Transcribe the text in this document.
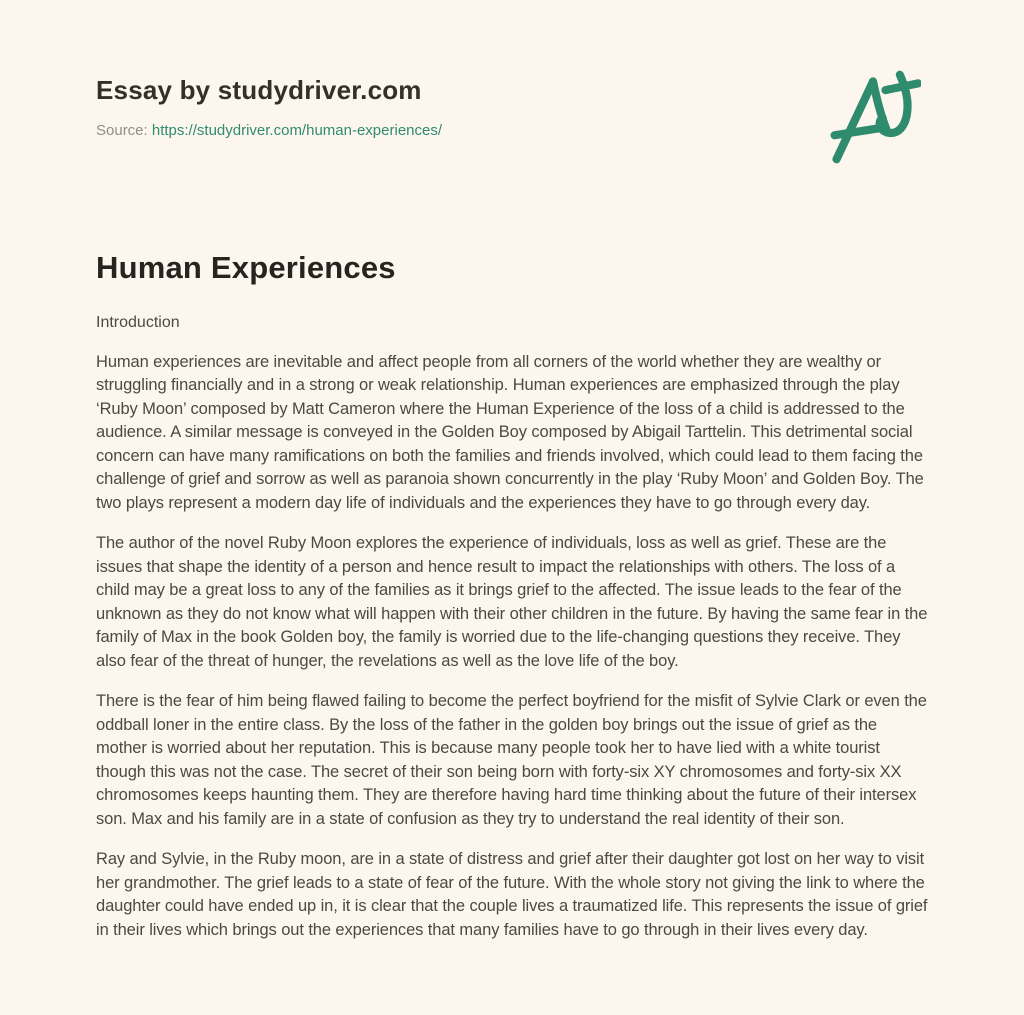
Essay by studydriver.com
Source: https://studydriver.com/human-experiences/
Human Experiences
Introduction

Human experiences are inevitable and affect people from all corners of the world whether they are wealthy or struggling financially and in a strong or weak relationship. Human experiences are emphasized through the play ‘Ruby Moon’ composed by Matt Cameron where the Human Experience of the loss of a child is addressed to the audience. A similar message is conveyed in the Golden Boy composed by Abigail Tarttelin. This detrimental social concern can have many ramifications on both the families and friends involved, which could lead to them facing the challenge of grief and sorrow as well as paranoia shown concurrently in the play ‘Ruby Moon’ and Golden Boy. The two plays represent a modern day life of individuals and the experiences they have to go through every day.

The author of the novel Ruby Moon explores the experience of individuals, loss as well as grief. These are the issues that shape the identity of a person and hence result to impact the relationships with others. The loss of a child may be a great loss to any of the families as it brings grief to the affected. The issue leads to the fear of the unknown as they do not know what will happen with their other children in the future. By having the same fear in the family of Max in the book Golden boy, the family is worried due to the life-changing questions they receive. They also fear of the threat of hunger, the revelations as well as the love life of the boy.

There is the fear of him being flawed failing to become the perfect boyfriend for the misfit of Sylvie Clark or even the oddball loner in the entire class. By the loss of the father in the golden boy brings out the issue of grief as the mother is worried about her reputation. This is because many people took her to have lied with a white tourist though this was not the case. The secret of their son being born with forty-six XY chromosomes and forty-six XX chromosomes keeps haunting them. They are therefore having hard time thinking about the future of their intersex son. Max and his family are in a state of confusion as they try to understand the real identity of their son.

Ray and Sylvie, in the Ruby moon, are in a state of distress and grief after their daughter got lost on her way to visit her grandmother. The grief leads to a state of fear of the future. With the whole story not giving the link to where the daughter could have ended up in, it is clear that the couple lives a traumatized life. This represents the issue of grief in their lives which brings out the experiences that many families have to go through in their lives every day.
